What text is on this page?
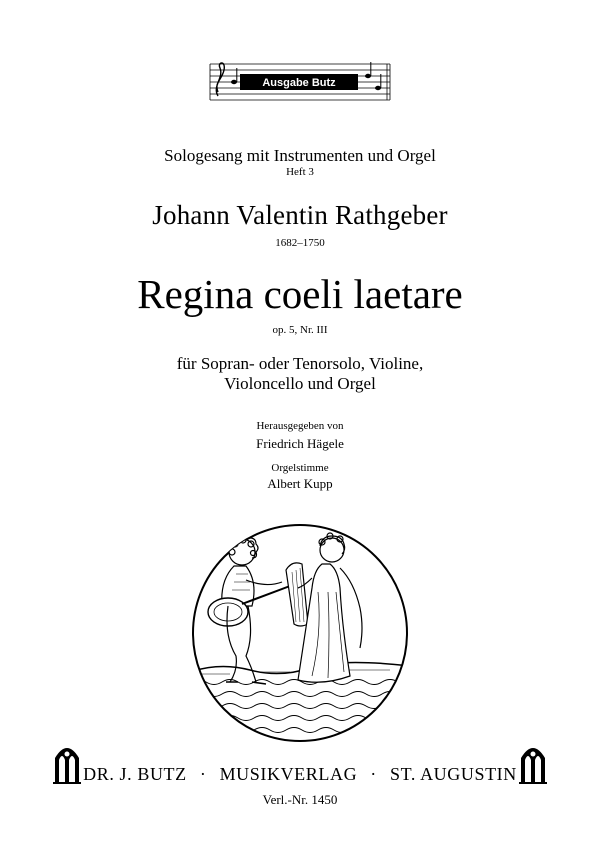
Ausgabe Butz
Sologesang mit Instrumenten und Orgel
Heft 3
Johann Valentin Rathgeber
1682–1750
Regina coeli laetare
op. 5, Nr. III
für Sopran- oder Tenorsolo, Violine,
Violoncello und Orgel
Herausgegeben von
Friedrich Hägele
Orgelstimme
Albert Kupp
DR. J. BUTZ · MUSIKVERLAG · ST. AUGUSTIN
Verl.-Nr. 1450
